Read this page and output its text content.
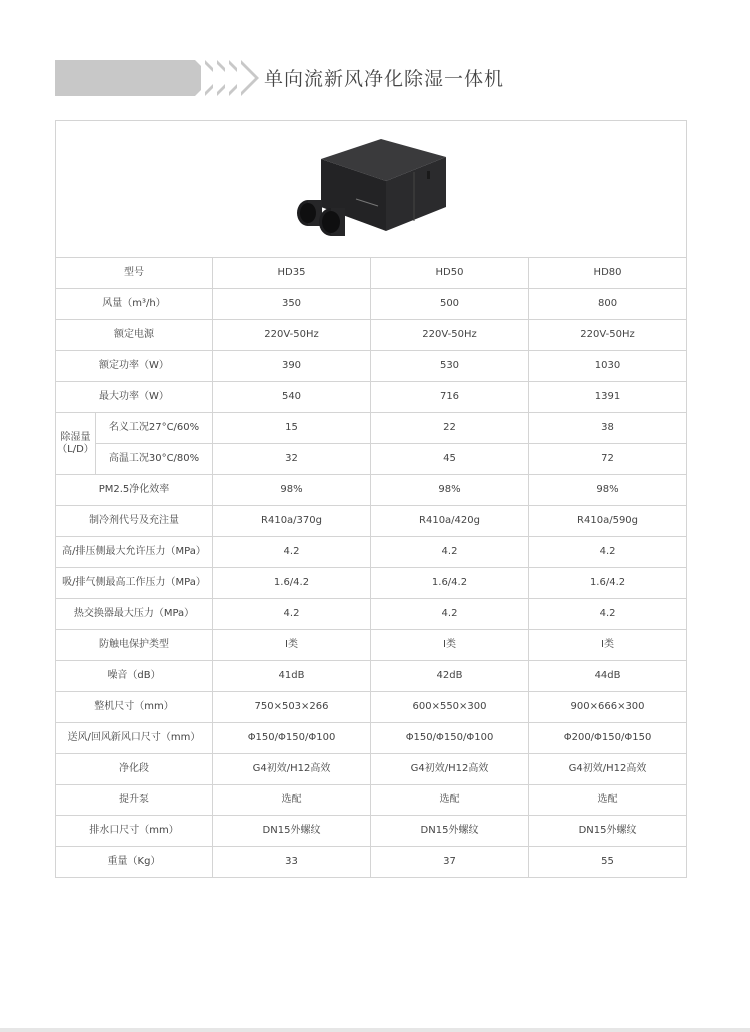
单向流新风净化除湿一体机

型号		HD35	HD50	HD80
风量（m³/h）		350	500	800
额定电源		220V-50Hz	220V-50Hz	220V-50Hz
额定功率（W）		390	530	1030
最大功率（W）		540	716	1391
除湿量（L/D）	名义工况27°C/60%	15	22	38
	高温工况30°C/80%	32	45	72
PM2.5净化效率		98%	98%	98%
制冷剂代号及充注量		R410a/370g	R410a/420g	R410a/590g
高/排压侧最大允许压力（MPa）		4.2	4.2	4.2
吸/排气侧最高工作压力（MPa）		1.6/4.2	1.6/4.2	1.6/4.2
热交换器最大压力（MPa）		4.2	4.2	4.2
防触电保护类型		Ⅰ类	Ⅰ类	Ⅰ类
噪音（dB）		41dB	42dB	44dB
整机尺寸（mm）		750×503×266	600×550×300	900×666×300
送风/回风新风口尺寸（mm）		Φ150/Φ150/Φ100	Φ150/Φ150/Φ100	Φ200/Φ150/Φ150
净化段		G4初效/H12高效	G4初效/H12高效	G4初效/H12高效
提升泵		选配	选配	选配
排水口尺寸（mm）		DN15外螺纹	DN15外螺纹	DN15外螺纹
重量（Kg）		33	37	55
